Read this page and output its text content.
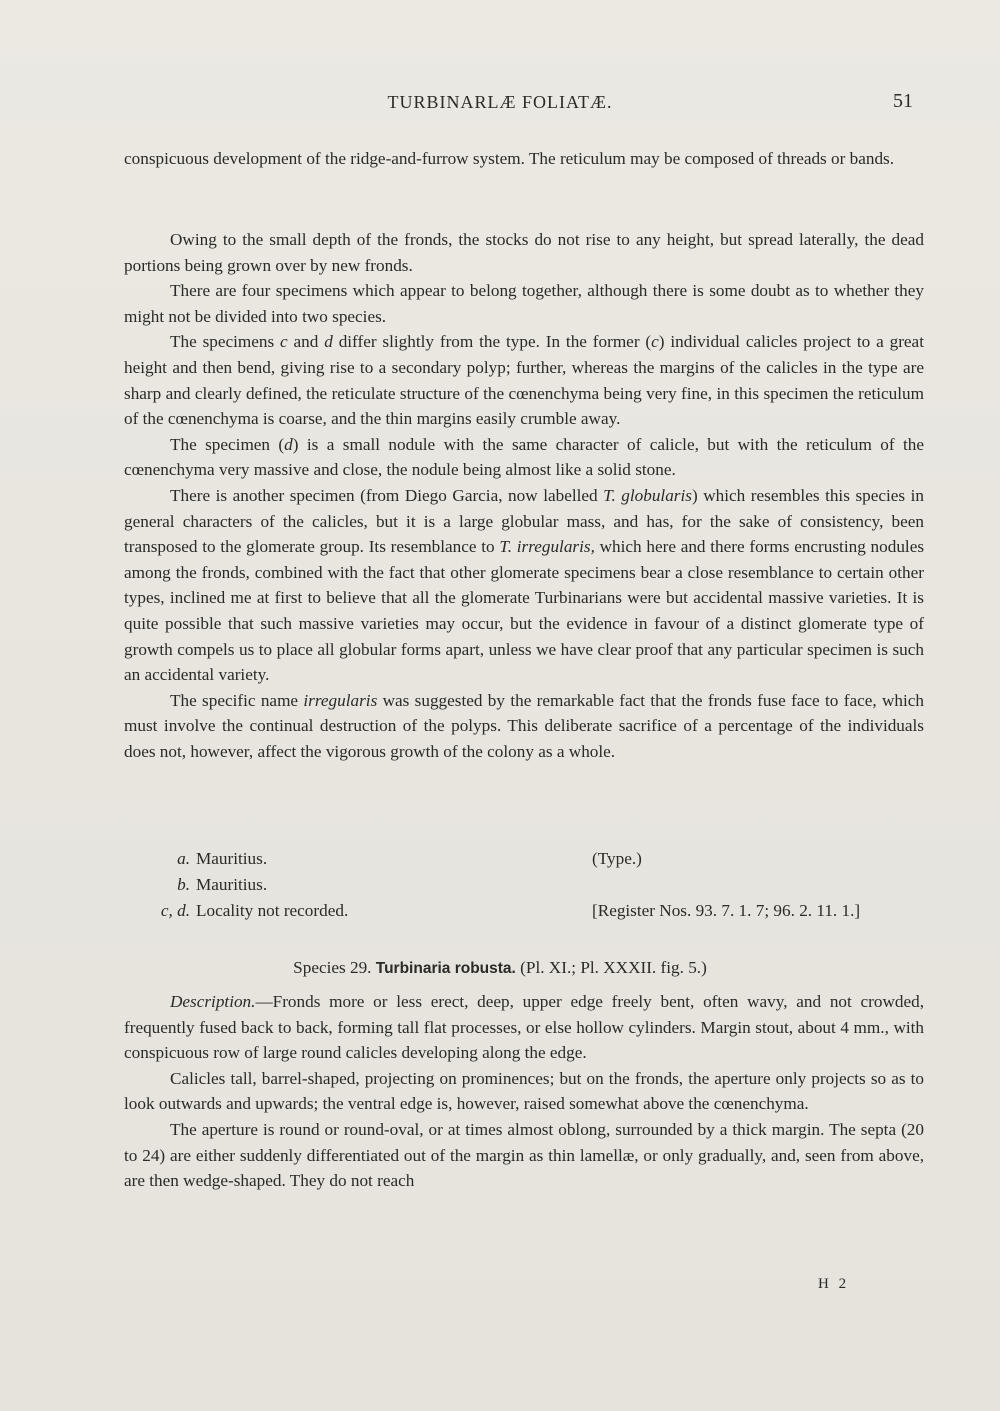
TURBINARLÆ FOLIATÆ.	51

conspicuous development of the ridge-and-furrow system. The reticulum may be composed of threads or bands.

Owing to the small depth of the fronds, the stocks do not rise to any height, but spread laterally, the dead portions being grown over by new fronds.

There are four specimens which appear to belong together, although there is some doubt as to whether they might not be divided into two species.

The specimens c and d differ slightly from the type. In the former (c) individual calicles project to a great height and then bend, giving rise to a secondary polyp; further, whereas the margins of the calicles in the type are sharp and clearly defined, the reticulate structure of the cœnenchyma being very fine, in this specimen the reticulum of the cœnenchyma is coarse, and the thin margins easily crumble away.

The specimen (d) is a small nodule with the same character of calicle, but with the reticulum of the cœnenchyma very massive and close, the nodule being almost like a solid stone.

There is another specimen (from Diego Garcia, now labelled T. globularis) which resembles this species in general characters of the calicles, but it is a large globular mass, and has, for the sake of consistency, been transposed to the glomerate group. Its resemblance to T. irregularis, which here and there forms encrusting nodules among the fronds, combined with the fact that other glomerate specimens bear a close resemblance to certain other types, inclined me at first to believe that all the glomerate Turbinarians were but accidental massive varieties. It is quite possible that such massive varieties may occur, but the evidence in favour of a distinct glomerate type of growth compels us to place all globular forms apart, unless we have clear proof that any particular specimen is such an accidental variety.

The specific name irregularis was suggested by the remarkable fact that the fronds fuse face to face, which must involve the continual destruction of the polyps. This deliberate sacrifice of a percentage of the individuals does not, however, affect the vigorous growth of the colony as a whole.

a. Mauritius.	(Type.)
b. Mauritius.
c, d. Locality not recorded.	[Register Nos. 93. 7. 1. 7; 96. 2. 11. 1.]
Species 29. Turbinaria robusta. (Pl. XI.; Pl. XXXII. fig. 5.)

Description.—Fronds more or less erect, deep, upper edge freely bent, often wavy, and not crowded, frequently fused back to back, forming tall flat processes, or else hollow cylinders. Margin stout, about 4 mm., with conspicuous row of large round calicles developing along the edge.

Calicles tall, barrel-shaped, projecting on prominences; but on the fronds, the aperture only projects so as to look outwards and upwards; the ventral edge is, however, raised somewhat above the cœnenchyma.

The aperture is round or round-oval, or at times almost oblong, surrounded by a thick margin. The septa (20 to 24) are either suddenly differentiated out of the margin as thin lamellæ, or only gradually, and, seen from above, are then wedge-shaped. They do not reach

H 2
